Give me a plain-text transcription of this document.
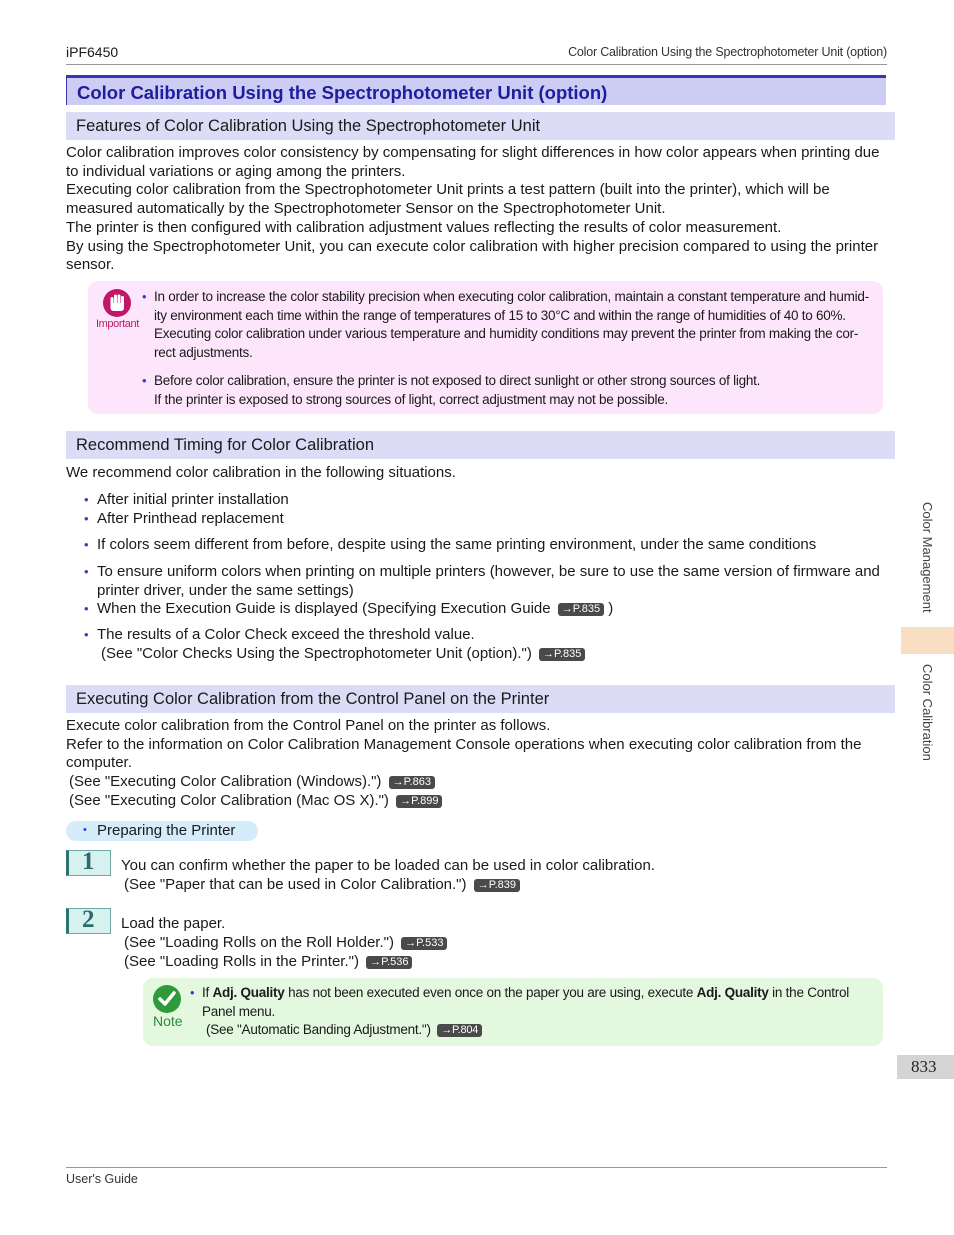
iPF6450	Color Calibration Using the Spectrophotometer Unit (option)
Color Calibration Using the Spectrophotometer Unit (option)
Features of Color Calibration Using the Spectrophotometer Unit
Color calibration improves color consistency by compensating for slight differences in how color appears when printing due to individual variations or aging among the printers.
Executing color calibration from the Spectrophotometer Unit prints a test pattern (built into the printer), which will be measured automatically by the Spectrophotometer Sensor on the Spectrophotometer Unit.
The printer is then configured with calibration adjustment values reflecting the results of color measurement.
By using the Spectrophotometer Unit, you can execute color calibration with higher precision compared to using the printer sensor.
Important
• In order to increase the color stability precision when executing color calibration, maintain a constant temperature and humid-
ity environment each time within the range of temperatures of 15 to 30°C and within the range of humidities of 40 to 60%.
Executing color calibration under various temperature and humidity conditions may prevent the printer from making the cor-
rect adjustments.
• Before color calibration, ensure the printer is not exposed to direct sunlight or other strong sources of light.
If the printer is exposed to strong sources of light, correct adjustment may not be possible.
Recommend Timing for Color Calibration
We recommend color calibration in the following situations.
• After initial printer installation
• After Printhead replacement
• If colors seem different from before, despite using the same printing environment, under the same conditions
• To ensure uniform colors when printing on multiple printers (however, be sure to use the same version of firmware and printer driver, under the same settings)
• When the Execution Guide is displayed (Specifying Execution Guide →P.835 )
• The results of a Color Check exceed the threshold value.
(See "Color Checks Using the Spectrophotometer Unit (option).") →P.835
Executing Color Calibration from the Control Panel on the Printer
Execute color calibration from the Control Panel on the printer as follows.
Refer to the information on Color Calibration Management Console operations when executing color calibration from the computer.
(See "Executing Color Calibration (Windows).") →P.863
(See "Executing Color Calibration (Mac OS X).") →P.899
• Preparing the Printer
1 You can confirm whether the paper to be loaded can be used in color calibration.
(See "Paper that can be used in Color Calibration.") →P.839
2 Load the paper.
(See "Loading Rolls on the Roll Holder.") →P.533
(See "Loading Rolls in the Printer.") →P.536
Note
• If Adj. Quality has not been executed even once on the paper you are using, execute Adj. Quality in the Control
Panel menu.
(See "Automatic Banding Adjustment.") →P.804
Color Management
Color Calibration
833
User's Guide
